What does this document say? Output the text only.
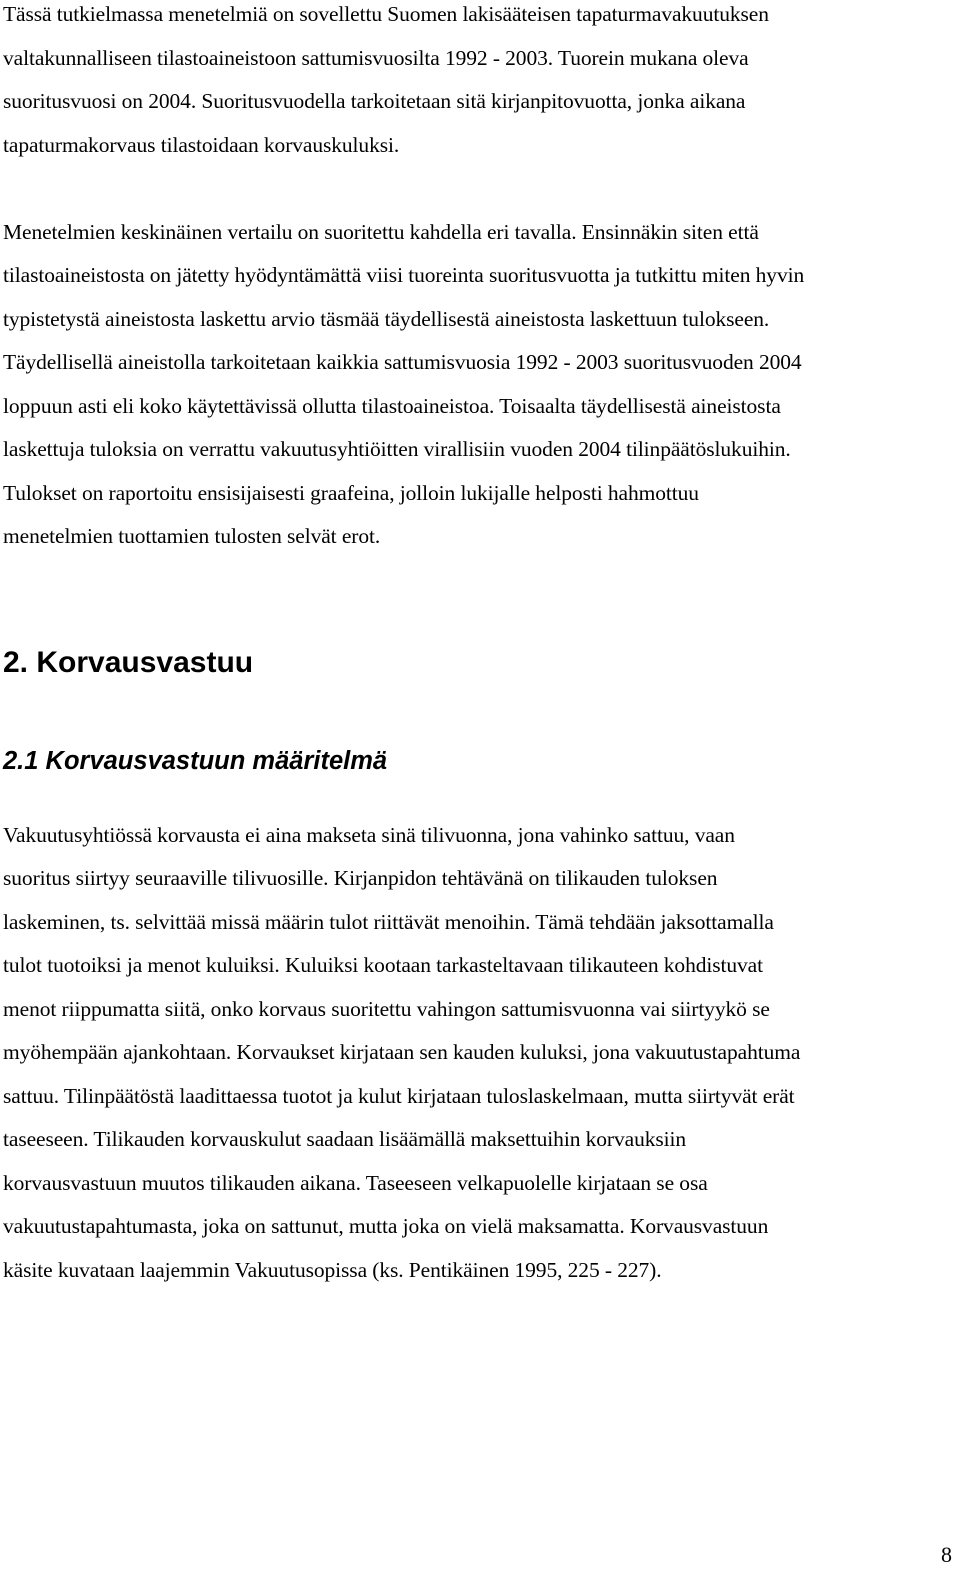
Tässä tutkielmassa menetelmiä on sovellettu Suomen lakisääteisen tapaturmavakuutuksen
valtakunnalliseen tilastoaineistoon sattumisvuosilta 1992 - 2003. Tuorein mukana oleva
suoritusvuosi on 2004. Suoritusvuodella tarkoitetaan sitä kirjanpitovuotta, jonka aikana
tapaturmakorvaus tilastoidaan korvauskuluksi.
Menetelmien keskinäinen vertailu on suoritettu kahdella eri tavalla. Ensinnäkin siten että
tilastoaineistosta on jätetty hyödyntämättä viisi tuoreinta suoritusvuotta ja tutkittu miten hyvin
typistetystä aineistosta laskettu arvio täsmää täydellisestä aineistosta laskettuun tulokseen.
Täydellisellä aineistolla tarkoitetaan kaikkia sattumisvuosia 1992 - 2003 suoritusvuoden 2004
loppuun asti eli koko käytettävissä ollutta tilastoaineistoa. Toisaalta täydellisestä aineistosta
laskettuja tuloksia on verrattu vakuutusyhtiöitten virallisiin vuoden 2004 tilinpäätöslukuihin.
Tulokset on raportoitu ensisijaisesti graafeina, jolloin lukijalle helposti hahmottuu
menetelmien tuottamien tulosten selvät erot.
2. Korvausvastuu
2.1 Korvausvastuun määritelmä
Vakuutusyhtiössä korvausta ei aina makseta sinä tilivuonna, jona vahinko sattuu, vaan
suoritus siirtyy seuraaville tilivuosille. Kirjanpidon tehtävänä on tilikauden tuloksen
laskeminen, ts. selvittää missä määrin tulot riittävät menoihin. Tämä tehdään jaksottamalla
tulot tuotoiksi ja menot kuluiksi. Kuluiksi kootaan tarkasteltavaan tilikauteen kohdistuvat
menot riippumatta siitä, onko korvaus suoritettu vahingon sattumisvuonna vai siirtyykö se
myöhempään ajankohtaan. Korvaukset kirjataan sen kauden kuluksi, jona vakuutustapahtuma
sattuu. Tilinpäätöstä laadittaessa tuotot ja kulut kirjataan tuloslaskelmaan, mutta siirtyvät erät
taseeseen. Tilikauden korvauskulut saadaan lisäämällä maksettuihin korvauksiin
korvausvastuun muutos tilikauden aikana. Taseeseen velkapuolelle kirjataan se osa
vakuutustapahtumasta, joka on sattunut, mutta joka on vielä maksamatta. Korvausvastuun
käsite kuvataan laajemmin Vakuutusopissa (ks. Pentikäinen 1995, 225 - 227).
8
